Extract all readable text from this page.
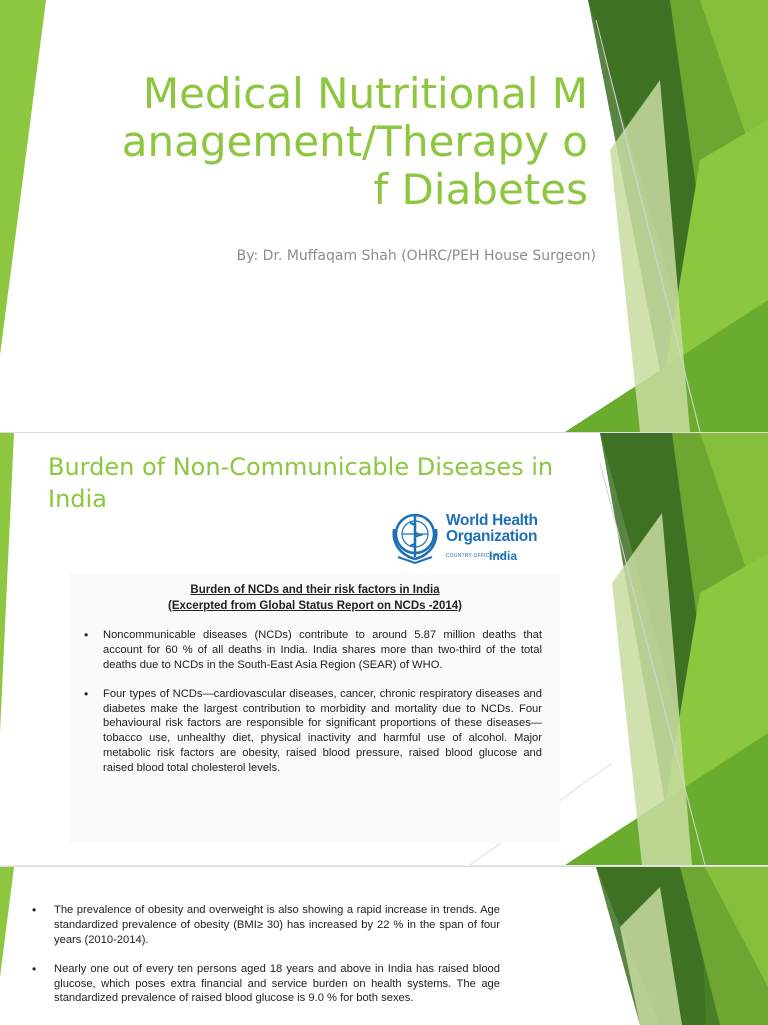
Medical Nutritional Management/Therapy of Diabetes
By: Dr. Muffaqam Shah (OHRC/PEH House Surgeon)
Burden of Non-Communicable Diseases in India
World Health Organization
COUNTRY OFFICE FOR
India
Burden of NCDs and their risk factors in India
(Excerpted from Global Status Report on NCDs -2014)
• Noncommunicable diseases (NCDs) contribute to around 5.87 million deaths that account for 60 % of all deaths in India. India shares more than two-third of the total deaths due to NCDs in the South-East Asia Region (SEAR) of WHO.
• Four types of NCDs—cardiovascular diseases, cancer, chronic respiratory diseases and diabetes make the largest contribution to morbidity and mortality due to NCDs. Four behavioural risk factors are responsible for significant proportions of these diseases—tobacco use, unhealthy diet, physical inactivity and harmful use of alcohol. Major metabolic risk factors are obesity, raised blood pressure, raised blood glucose and raised blood total cholesterol levels.
• The prevalence of obesity and overweight is also showing a rapid increase in trends. Age standardized prevalence of obesity (BMI≥ 30) has increased by 22 % in the span of four years (2010-2014).
• Nearly one out of every ten persons aged 18 years and above in India has raised blood glucose, which poses extra financial and service burden on health systems. The age standardized prevalence of raised blood glucose is 9.0 % for both sexes.
